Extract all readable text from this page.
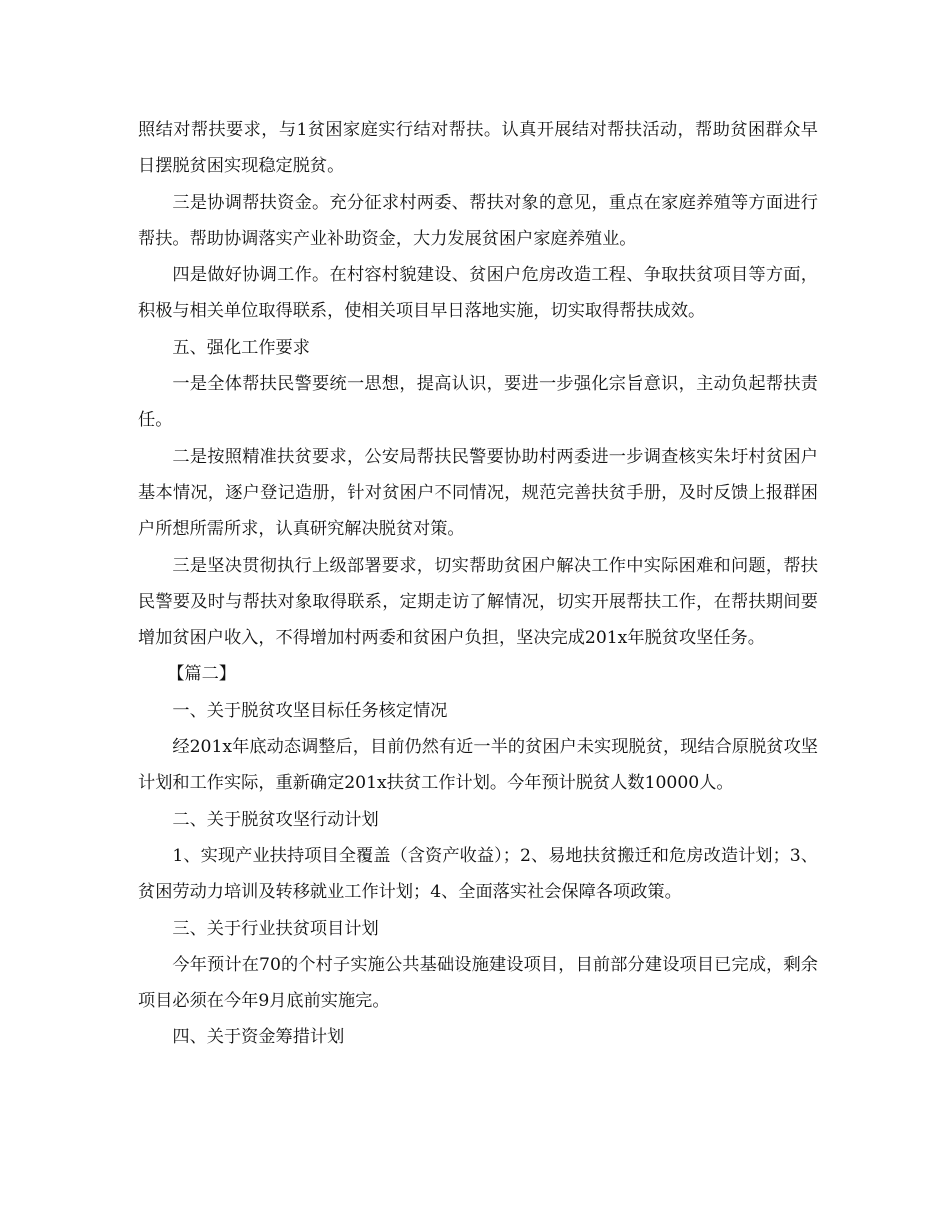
照结对帮扶要求，与1贫困家庭实行结对帮扶。认真开展结对帮扶活动，帮助贫困群众早日摆脱贫困实现稳定脱贫。

三是协调帮扶资金。充分征求村两委、帮扶对象的意见，重点在家庭养殖等方面进行帮扶。帮助协调落实产业补助资金，大力发展贫困户家庭养殖业。

四是做好协调工作。在村容村貌建设、贫困户危房改造工程、争取扶贫项目等方面，积极与相关单位取得联系，使相关项目早日落地实施，切实取得帮扶成效。

五、强化工作要求

一是全体帮扶民警要统一思想，提高认识，要进一步强化宗旨意识，主动负起帮扶责任。

二是按照精准扶贫要求，公安局帮扶民警要协助村两委进一步调查核实朱圩村贫困户基本情况，逐户登记造册，针对贫困户不同情况，规范完善扶贫手册，及时反馈上报群困户所想所需所求，认真研究解决脱贫对策。

三是坚决贯彻执行上级部署要求，切实帮助贫困户解决工作中实际困难和问题，帮扶民警要及时与帮扶对象取得联系，定期走访了解情况，切实开展帮扶工作，在帮扶期间要增加贫困户收入，不得增加村两委和贫困户负担，坚决完成201x年脱贫攻坚任务。

【篇二】

一、关于脱贫攻坚目标任务核定情况

经201x年底动态调整后，目前仍然有近一半的贫困户未实现脱贫，现结合原脱贫攻坚计划和工作实际，重新确定201x扶贫工作计划。今年预计脱贫人数10000人。

二、关于脱贫攻坚行动计划

1、实现产业扶持项目全覆盖（含资产收益）；2、易地扶贫搬迁和危房改造计划；3、贫困劳动力培训及转移就业工作计划；4、全面落实社会保障各项政策。

三、关于行业扶贫项目计划

今年预计在70的个村子实施公共基础设施建设项目，目前部分建设项目已完成，剩余项目必须在今年9月底前实施完。

四、关于资金筹措计划
